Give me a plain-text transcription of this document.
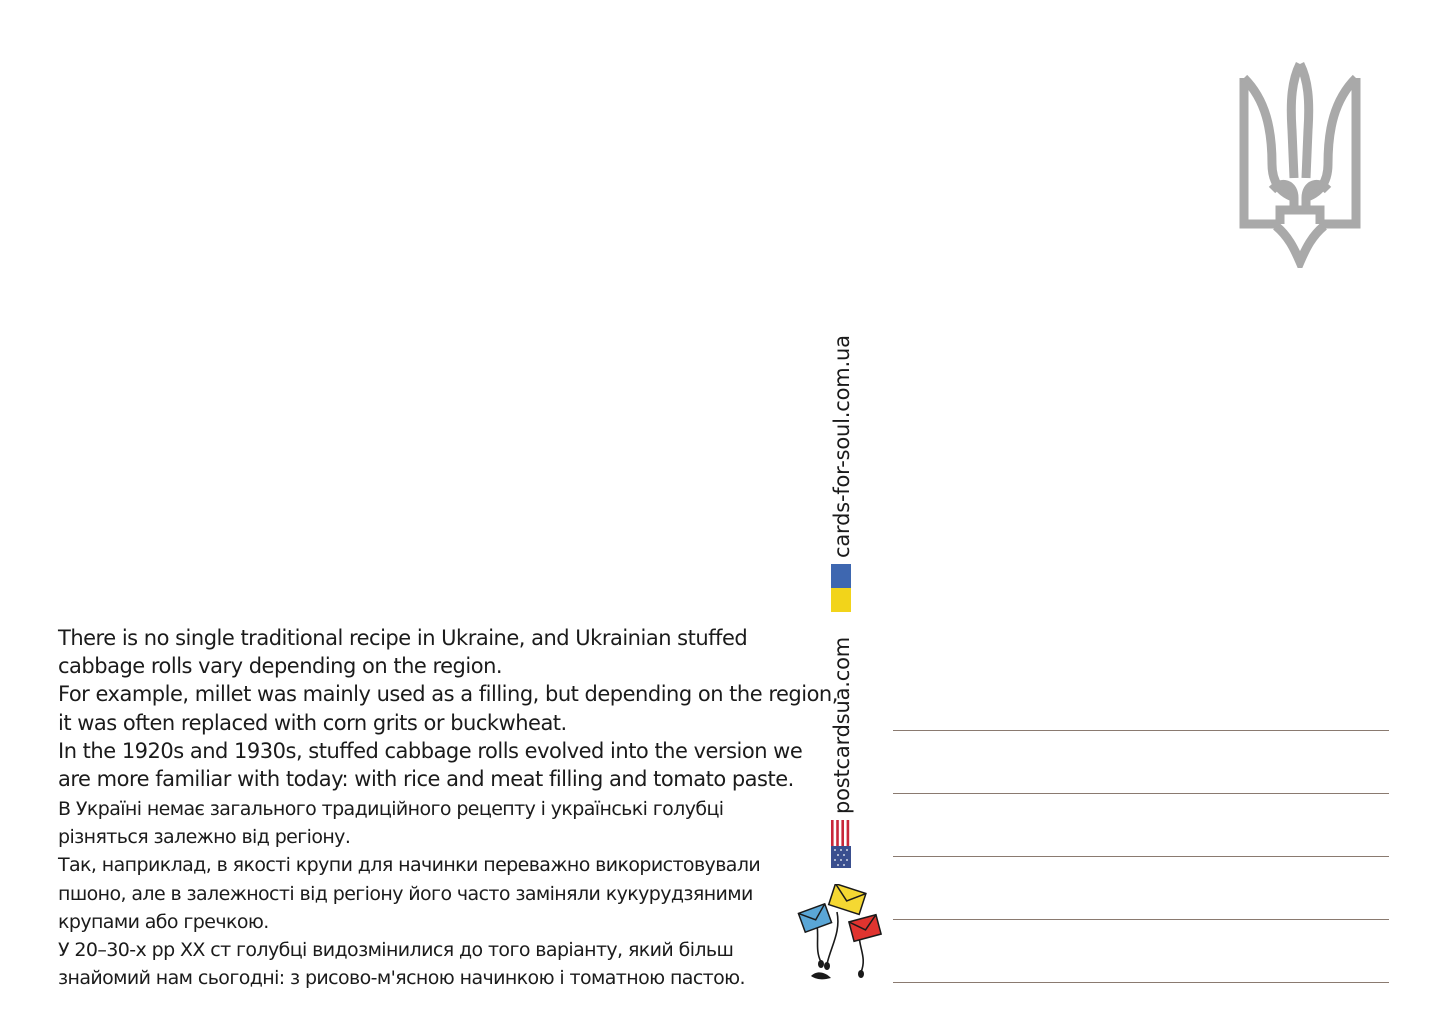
There is no single traditional recipe in Ukraine, and Ukrainian stuffed cabbage rolls vary depending on the region.
For example, millet was mainly used as a filling, but depending on the region, it was often replaced with corn grits or buckwheat.
In the 1920s and 1930s, stuffed cabbage rolls evolved into the version we are more familiar with today: with rice and meat filling and tomato paste.
В Україні немає загального традиційного рецепту і українські голубці різняться залежно від регіону.
Так, наприклад, в якості крупи для начинки переважно використовували пшоно, але в залежності від регіону його часто заміняли кукурудзяними крупами або гречкою.
У 20–30-х рр ХХ ст голубці видозмінилися до того варіанту, який більш знайомий нам сьогодні: з рисово-м'ясною начинкою і томатною пастою.
cards-for-soul.com.ua
postcardsua.com
